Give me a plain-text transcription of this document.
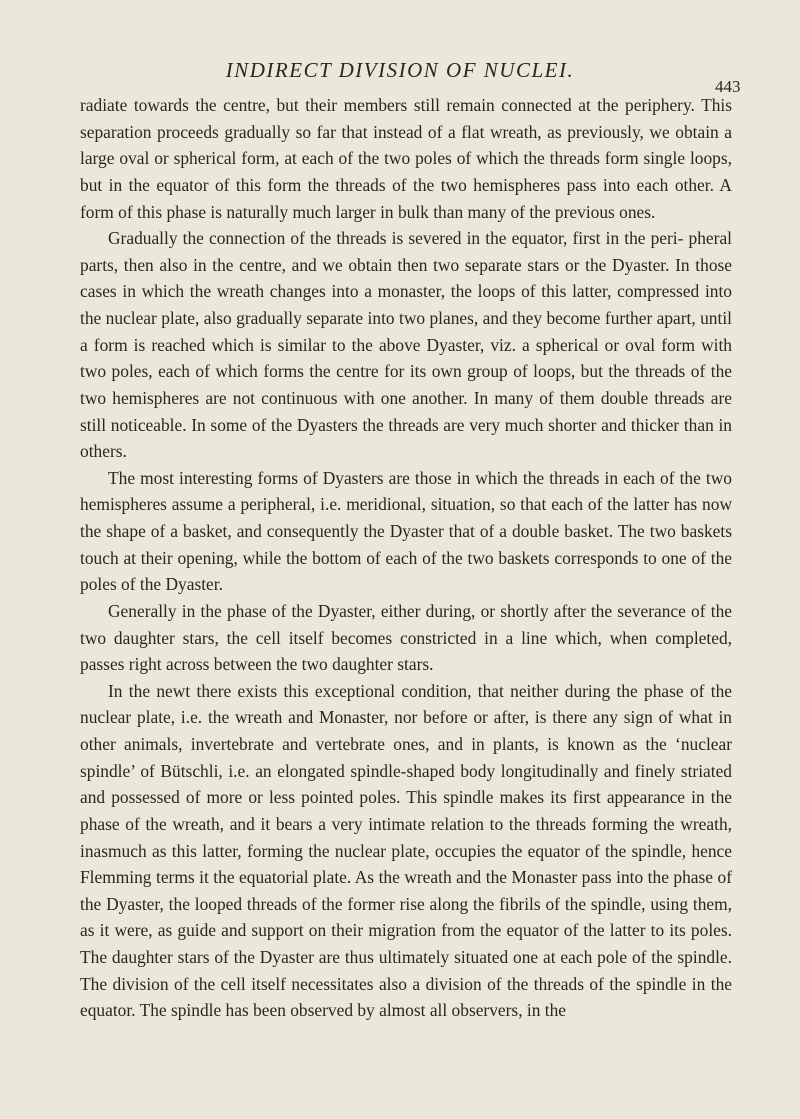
INDIRECT DIVISION OF NUCLEI.
443

radiate towards the centre, but their members still remain connected at the periphery. This separation proceeds gradually so far that instead of a flat wreath, as previously, we obtain a large oval or spherical form, at each of the two poles of which the threads form single loops, but in the equator of this form the threads of the two hemispheres pass into each other. A form of this phase is naturally much larger in bulk than many of the previous ones.

Gradually the connection of the threads is severed in the equator, first in the peri- pheral parts, then also in the centre, and we obtain then two separate stars or the Dyaster. In those cases in which the wreath changes into a monaster, the loops of this latter, compressed into the nuclear plate, also gradually separate into two planes, and they become further apart, until a form is reached which is similar to the above Dyaster, viz. a spherical or oval form with two poles, each of which forms the centre for its own group of loops, but the threads of the two hemispheres are not continuous with one another. In many of them double threads are still noticeable. In some of the Dyasters the threads are very much shorter and thicker than in others.

The most interesting forms of Dyasters are those in which the threads in each of the two hemispheres assume a peripheral, i.e. meridional, situation, so that each of the latter has now the shape of a basket, and consequently the Dyaster that of a double basket. The two baskets touch at their opening, while the bottom of each of the two baskets corresponds to one of the poles of the Dyaster.

Generally in the phase of the Dyaster, either during, or shortly after the severance of the two daughter stars, the cell itself becomes constricted in a line which, when completed, passes right across between the two daughter stars.

In the newt there exists this exceptional condition, that neither during the phase of the nuclear plate, i.e. the wreath and Monaster, nor before or after, is there any sign of what in other animals, invertebrate and vertebrate ones, and in plants, is known as the ‘nuclear spindle’ of Bütschli, i.e. an elongated spindle-shaped body longitudinally and finely striated and possessed of more or less pointed poles. This spindle makes its first appearance in the phase of the wreath, and it bears a very intimate relation to the threads forming the wreath, inasmuch as this latter, forming the nuclear plate, occupies the equator of the spindle, hence Flemming terms it the equatorial plate. As the wreath and the Monaster pass into the phase of the Dyaster, the looped threads of the former rise along the fibrils of the spindle, using them, as it were, as guide and support on their migration from the equator of the latter to its poles. The daughter stars of the Dyaster are thus ultimately situated one at each pole of the spindle. The division of the cell itself necessitates also a division of the threads of the spindle in the equator. The spindle has been observed by almost all observers, in the
